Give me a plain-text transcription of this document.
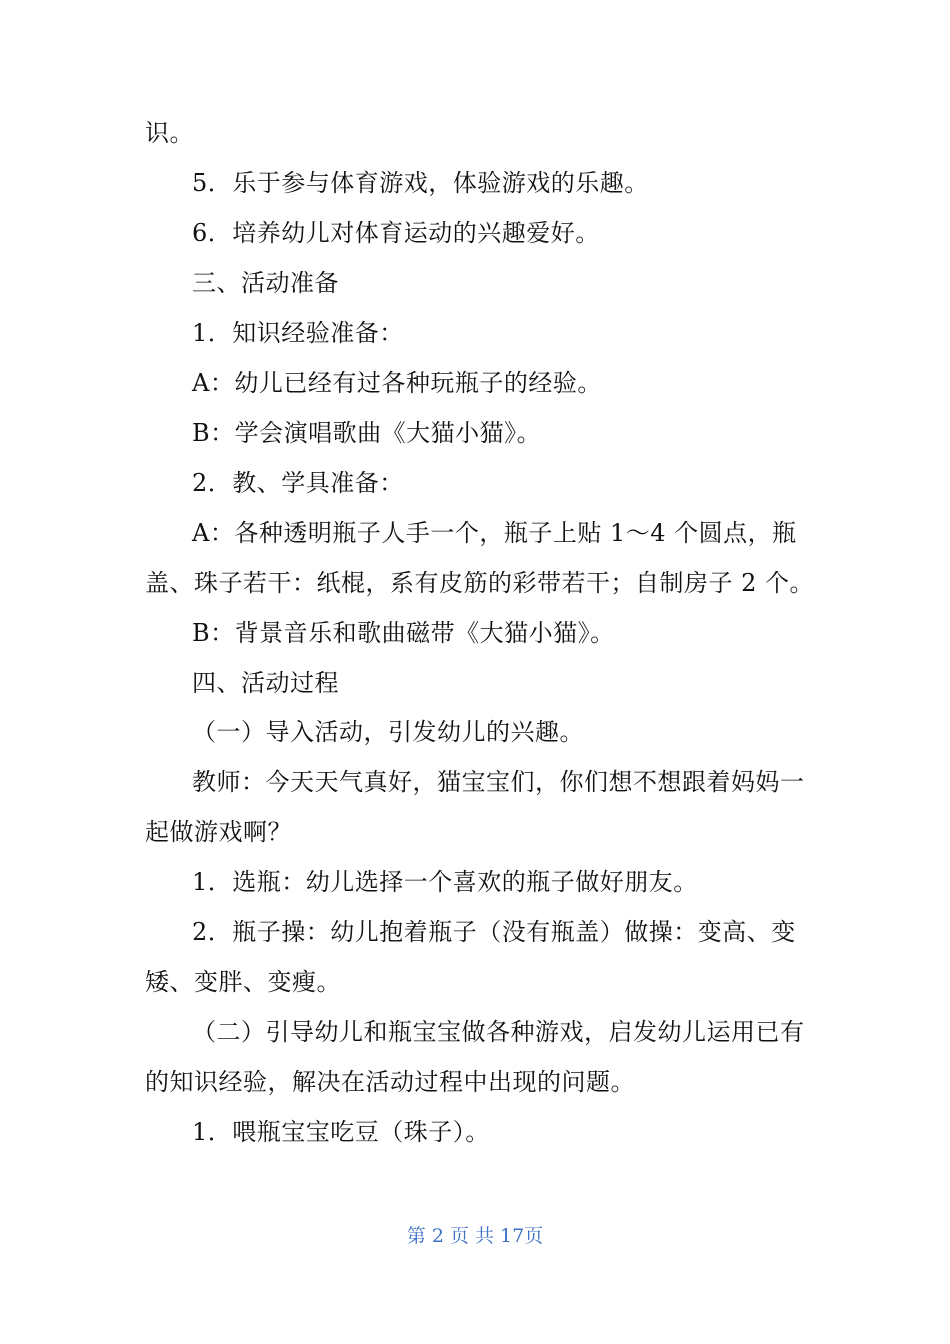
识。
5．乐于参与体育游戏，体验游戏的乐趣。
6．培养幼儿对体育运动的兴趣爱好。
三、活动准备
1．知识经验准备：
A：幼儿已经有过各种玩瓶子的经验。
B：学会演唱歌曲《大猫小猫》。
2．教、学具准备：
A：各种透明瓶子人手一个，瓶子上贴 1～4 个圆点，瓶
盖、珠子若干：纸棍，系有皮筋的彩带若干；自制房子 2 个。
B：背景音乐和歌曲磁带《大猫小猫》。
四、活动过程
（一）导入活动，引发幼儿的兴趣。
教师：今天天气真好，猫宝宝们，你们想不想跟着妈妈一
起做游戏啊？
1．选瓶：幼儿选择一个喜欢的瓶子做好朋友。
2．瓶子操：幼儿抱着瓶子（没有瓶盖）做操：变高、变
矮、变胖、变瘦。
（二）引导幼儿和瓶宝宝做各种游戏，启发幼儿运用已有
的知识经验，解决在活动过程中出现的问题。
1．喂瓶宝宝吃豆（珠子）。
第 2 页 共 17页
